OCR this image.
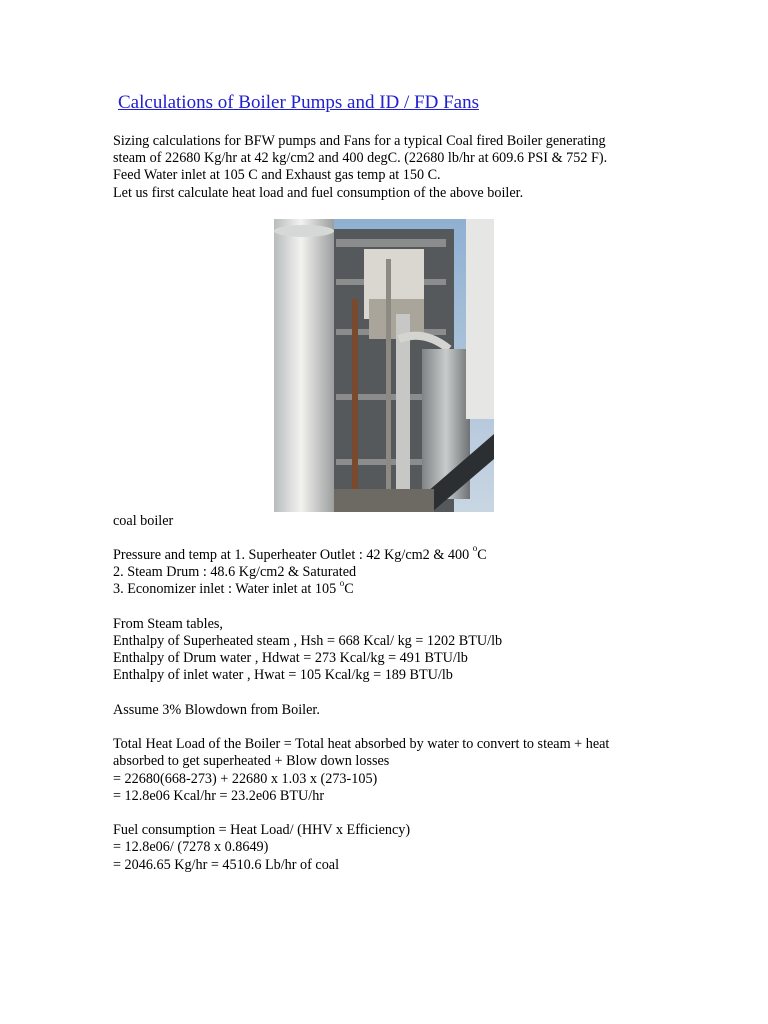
Calculations of Boiler Pumps and ID / FD Fans
Sizing calculations for BFW pumps and Fans for a typical Coal fired Boiler generating
steam of 22680 Kg/hr at 42 kg/cm2 and 400 degC. (22680 lb/hr at 609.6 PSI & 752 F).
Feed Water inlet at 105 C and Exhaust gas temp at 150 C.
Let us first calculate heat load and fuel consumption of the above boiler.
coal boiler
Pressure and temp at 1. Superheater Outlet : 42 Kg/cm2 & 400 $^o$C
2. Steam Drum : 48.6 Kg/cm2 & Saturated
3. Economizer inlet : Water inlet at 105 $^o$C
From Steam tables,
Enthalpy of Superheated steam , Hsh = 668 Kcal/ kg = 1202 BTU/lb
Enthalpy of Drum water , Hdwat = 273 Kcal/kg = 491 BTU/lb
Enthalpy of inlet water , Hwat = 105 Kcal/kg = 189 BTU/lb
Assume 3% Blowdown from Boiler.
Total Heat Load of the Boiler = Total heat absorbed by water to convert to steam + heat
absorbed to get superheated + Blow down losses
= 22680(668-273) + 22680 x 1.03 x (273-105)
= 12.8e06 Kcal/hr = 23.2e06 BTU/hr
Fuel consumption = Heat Load/ (HHV x Efficiency)
= 12.8e06/ (7278 x 0.8649)
= 2046.65 Kg/hr = 4510.6 Lb/hr of coal
